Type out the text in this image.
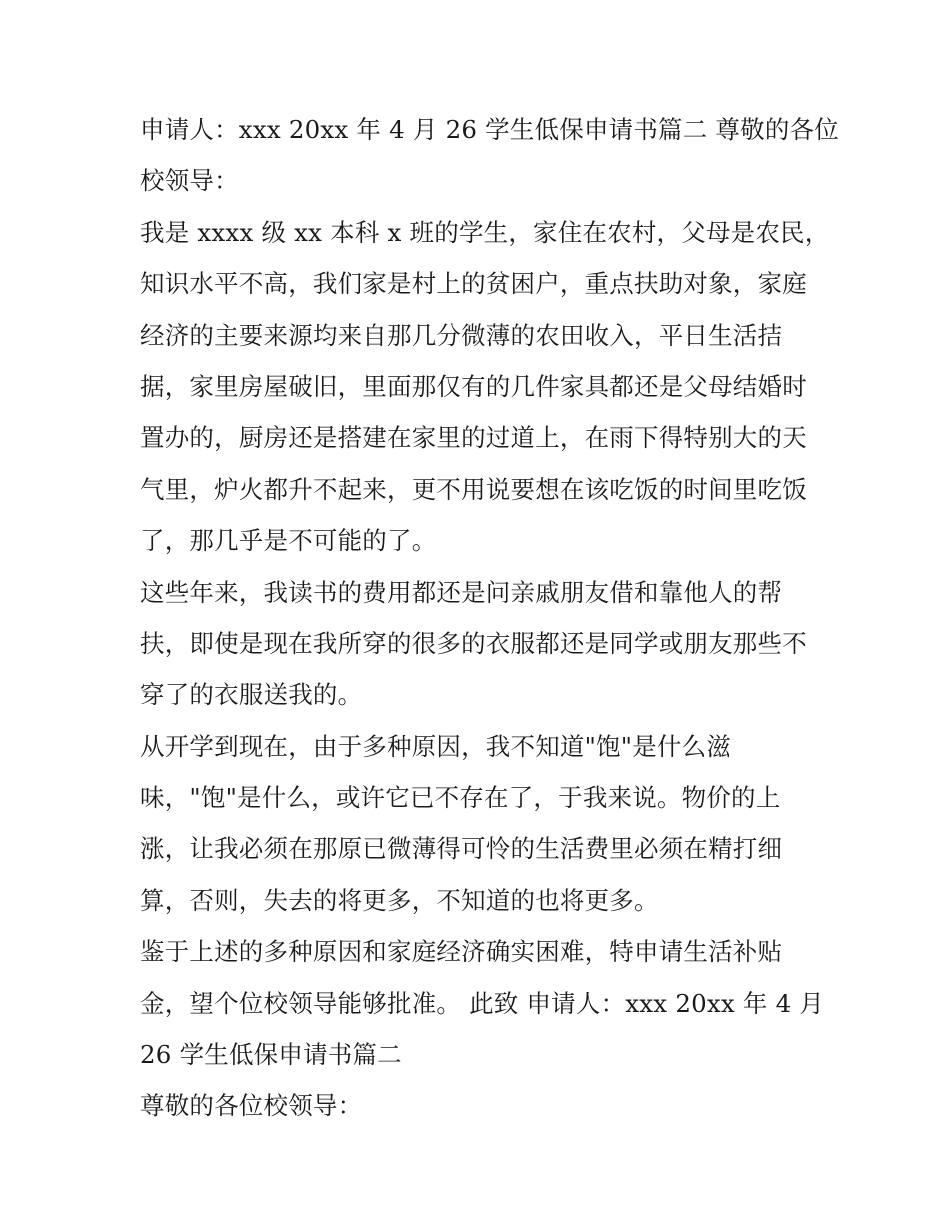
申请人：xxx 20xx 年 4 月 26 学生低保申请书篇二 尊敬的各位
校领导：
我是 xxxx 级 xx 本科 x 班的学生，家住在农村，父母是农民，
知识水平不高，我们家是村上的贫困户，重点扶助对象，家庭
经济的主要来源均来自那几分微薄的农田收入，平日生活拮
据，家里房屋破旧，里面那仅有的几件家具都还是父母结婚时
置办的，厨房还是搭建在家里的过道上，在雨下得特别大的天
气里，炉火都升不起来，更不用说要想在该吃饭的时间里吃饭
了，那几乎是不可能的了。
这些年来，我读书的费用都还是问亲戚朋友借和靠他人的帮
扶，即使是现在我所穿的很多的衣服都还是同学或朋友那些不
穿了的衣服送我的。
从开学到现在，由于多种原因，我不知道"饱"是什么滋
味，"饱"是什么，或许它已不存在了，于我来说。物价的上
涨，让我必须在那原已微薄得可怜的生活费里必须在精打细
算，否则，失去的将更多，不知道的也将更多。
鉴于上述的多种原因和家庭经济确实困难，特申请生活补贴
金，望个位校领导能够批准。 此致 申请人：xxx 20xx 年 4 月
26 学生低保申请书篇二
尊敬的各位校领导：
